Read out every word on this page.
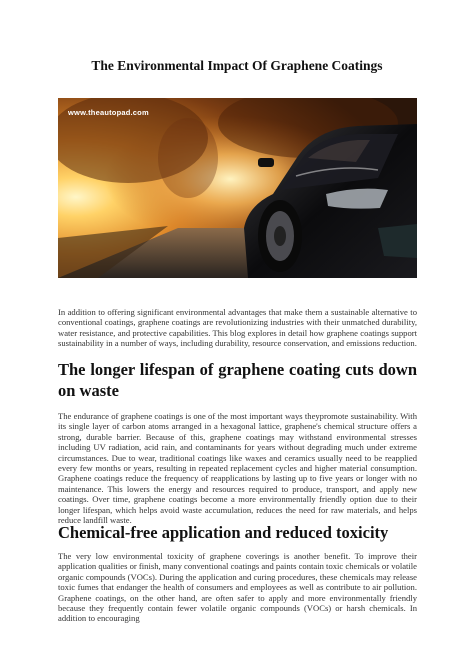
The Environmental Impact Of Graphene Coatings
www.theautopad.com

In addition to offering significant environmental advantages that make them a sustainable alternative to conventional coatings, graphene coatings are revolutionizing industries with their unmatched durability, water resistance, and protective capabilities. This blog explores in detail how graphene coatings support sustainability in a number of ways, including durability, resource conservation, and emissions reduction.

The longer lifespan of graphene coating cuts down on waste

The endurance of graphene coatings is one of the most important ways theypromote sustainability. With its single layer of carbon atoms arranged in a hexagonal lattice, graphene's chemical structure offers a strong, durable barrier. Because of this, graphene coatings may withstand environmental stresses including UV radiation, acid rain, and contaminants for years without degrading much under extreme circumstances. Due to wear, traditional coatings like waxes and ceramics usually need to be reapplied every few months or years, resulting in repeated replacement cycles and higher material consumption. Graphene coatings reduce the frequency of reapplications by lasting up to five years or longer with no maintenance. This lowers the energy and resources required to produce, transport, and apply new coatings. Over time, graphene coatings become a more environmentally friendly option due to their longer lifespan, which helps avoid waste accumulation, reduces the need for raw materials, and helps reduce landfill waste.

Chemical-free application and reduced toxicity

The very low environmental toxicity of graphene coverings is another benefit. To improve their application qualities or finish, many conventional coatings and paints contain toxic chemicals or volatile organic compounds (VOCs). During the application and curing procedures, these chemicals may release toxic fumes that endanger the health of consumers and employees as well as contribute to air pollution. Graphene coatings, on the other hand, are often safer to apply and more environmentally friendly because they frequently contain fewer volatile organic compounds (VOCs) or harsh chemicals. In addition to encouraging
